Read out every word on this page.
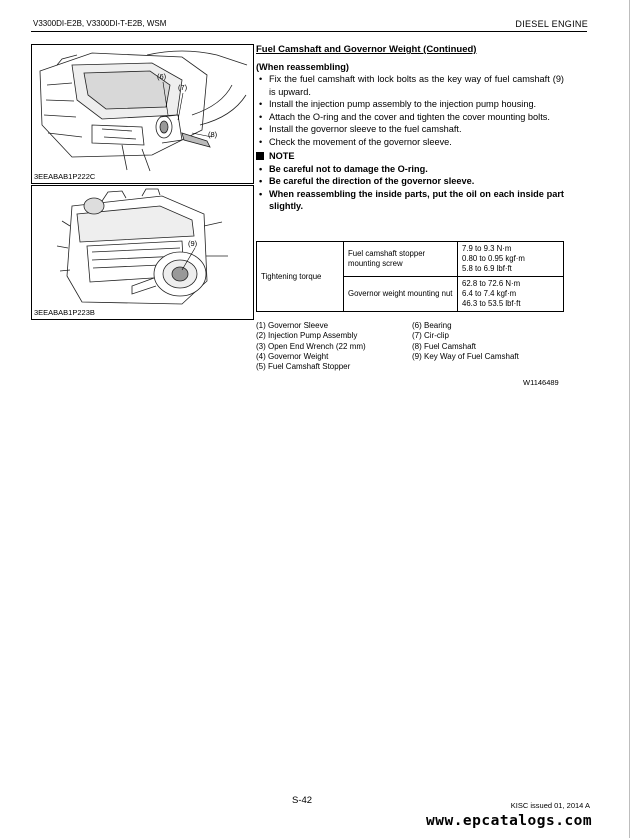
V3300DI-E2B, V3300DI-T-E2B, WSM	DIESEL ENGINE
(6)
(7)
(8)
3EEABAB1P222C
(9)
3EEABAB1P223B
Fuel Camshaft and Governor Weight (Continued)
(When reassembling)
• Fix the fuel camshaft with lock bolts as the key way of fuel camshaft (9) is upward.
• Install the injection pump assembly to the injection pump housing.
• Attach the O-ring and the cover and tighten the cover mounting bolts.
• Install the governor sleeve to the fuel camshaft.
• Check the movement of the governor sleeve.
NOTE
• Be careful not to damage the O-ring.
• Be careful the direction of the governor sleeve.
• When reassembling the inside parts, put the oil on each inside part slightly.
Tightening torque	Fuel camshaft stopper mounting screw	7.9 to 9.3 N·m
0.80 to 0.95 kgf·m
5.8 to 6.9 lbf·ft

	Governor weight mounting nut	62.8 to 72.6 N·m
6.4 to 7.4 kgf·m
46.3 to 53.5 lbf·ft
(1) Governor Sleeve
(2) Injection Pump Assembly
(3) Open End Wrench (22 mm)
(4) Governor Weight
(5) Fuel Camshaft Stopper
(6) Bearing
(7) Cir-clip
(8) Fuel Camshaft
(9) Key Way of Fuel Camshaft
W1146489
S-42	KISC issued 01, 2014 A
www.epcatalogs.com
